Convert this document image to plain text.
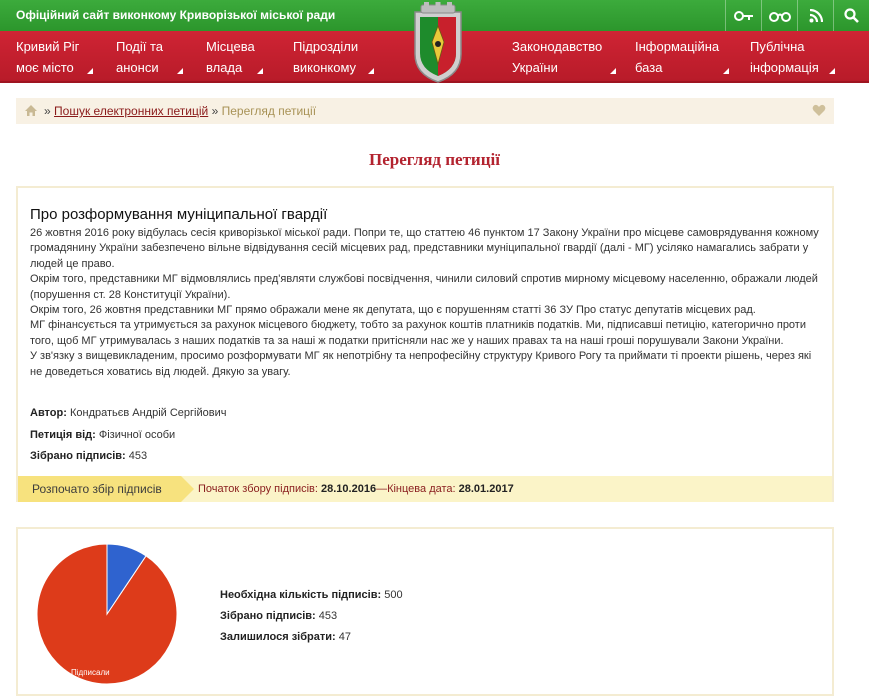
Офіційний сайт виконкому Криворізької міської ради
Кривий Ріг
моє місто
Події та
анонси
Місцева
влада
Підрозділи
виконкому
Законодавство
України
Інформаційна
база
Публічна
інформація
» Пошук електронних петицій » Перегляд петиції
Перегляд петиції
Про розформування муніципальної гвардії

26 жовтня 2016 року відбулась сесія криворізької міської ради. Попри те, що статтею 46 пунктом 17 Закону України про місцеве самоврядування кожному громадянину України забезпечено вільне відвідування сесій місцевих рад, представники муніципальної гвардії (далі - МГ) усіляко намагались забрати у людей це право.

Окрім того, представники МГ відмовлялись пред'являти службові посвідчення, чинили силовий спротив мирному місцевому населенню, ображали людей (порушення ст. 28 Конституції України).

Окрім того, 26 жовтня представники МГ прямо ображали мене як депутата, що є порушенням статті 36 ЗУ Про статус депутатів місцевих рад.

МГ фінансується та утримується за рахунок місцевого бюджету, тобто за рахунок коштів платників податків. Ми, підписавші петицію, категорично проти того, щоб МГ утримувалась з наших податків та за наші ж податки притісняли нас же у наших правах та на наші гроші порушували Закони України.

У зв'язку з вищевикладеним, просимо розформувати МГ як непотрібну та непрофесійну структуру Кривого Рогу та приймати ті проекти рішень, через які не доведеться ховатись від людей. Дякую за увагу.

Автор: Кондратьєв Андрій Сергійович
Петиція від: Фізичної особи
Зібрано підписів: 453
Розпочато збір підписів	Початок збору підписів: 28.10.2016—Кінцева дата: 28.01.2017
Підписали
Необхідна кількість підписів: 500
Зібрано підписів: 453
Залишилося зібрати: 47
